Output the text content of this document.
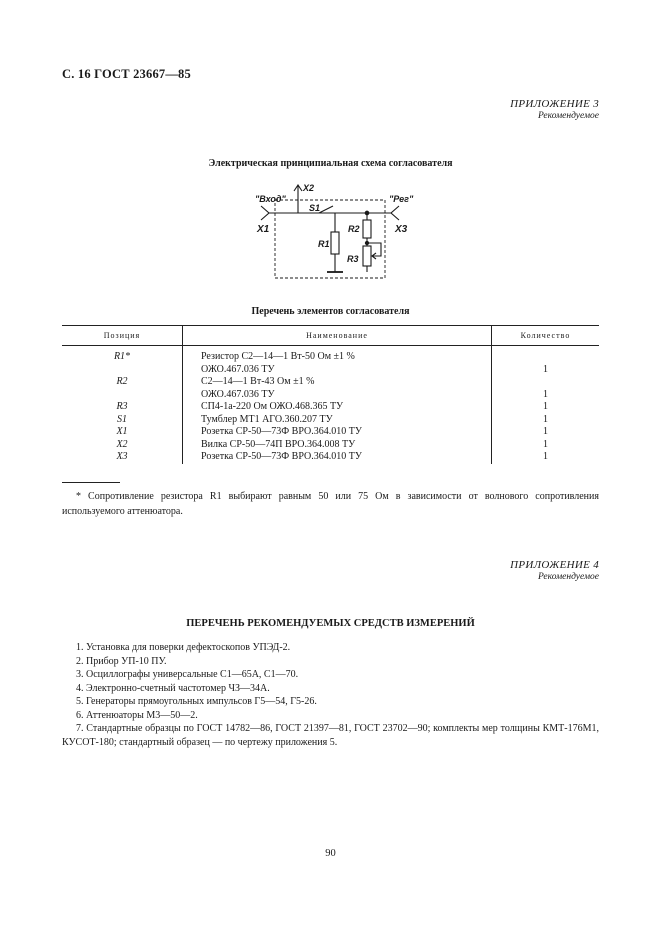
С. 16 ГОСТ 23667—85
ПРИЛОЖЕНИЕ 3
Рекомендуемое
Электрическая принципиальная схема согласователя
"Вход"
X1
X2
S1
R1
R2
R3
"Рег"
X3
Перечень элементов согласователя
Позиция	Наименование	Количество
R1*	Резистор С2—14—1 Вт-50 Ом ±1 %
ОЖО.467.036 ТУ	1

R2	С2—14—1 Вт-43 Ом ±1 %
ОЖО.467.036 ТУ	1

R3	СП4-1а-220 Ом ОЖО.468.365 ТУ	1
S1	Тумблер МТ1 АГО.360.207 ТУ	1
X1	Розетка СР-50—73Ф ВРО.364.010 ТУ	1
X2	Вилка СР-50—74П ВРО.364.008 ТУ	1
X3	Розетка СР-50—73Ф ВРО.364.010 ТУ	1
* Сопротивление резистора R1 выбирают равным 50 или 75 Ом в зависимости от волнового сопротивления используемого аттенюатора.
ПРИЛОЖЕНИЕ 4
Рекомендуемое
ПЕРЕЧЕНЬ РЕКОМЕНДУЕМЫХ СРЕДСТВ ИЗМЕРЕНИЙ
1. Установка для поверки дефектоскопов УПЭД-2.
2. Прибор УП-10 ПУ.
3. Осциллографы универсальные С1—65А, С1—70.
4. Электронно-счетный частотомер ЧЗ—34А.
5. Генераторы прямоугольных импульсов Г5—54, Г5-26.
6. Аттенюаторы М3—50—2.
7. Стандартные образцы по ГОСТ 14782—86, ГОСТ 21397—81, ГОСТ 23702—90; комплекты мер толщины КМТ-176М1, КУСОТ-180; стандартный образец — по чертежу приложения 5.
90
